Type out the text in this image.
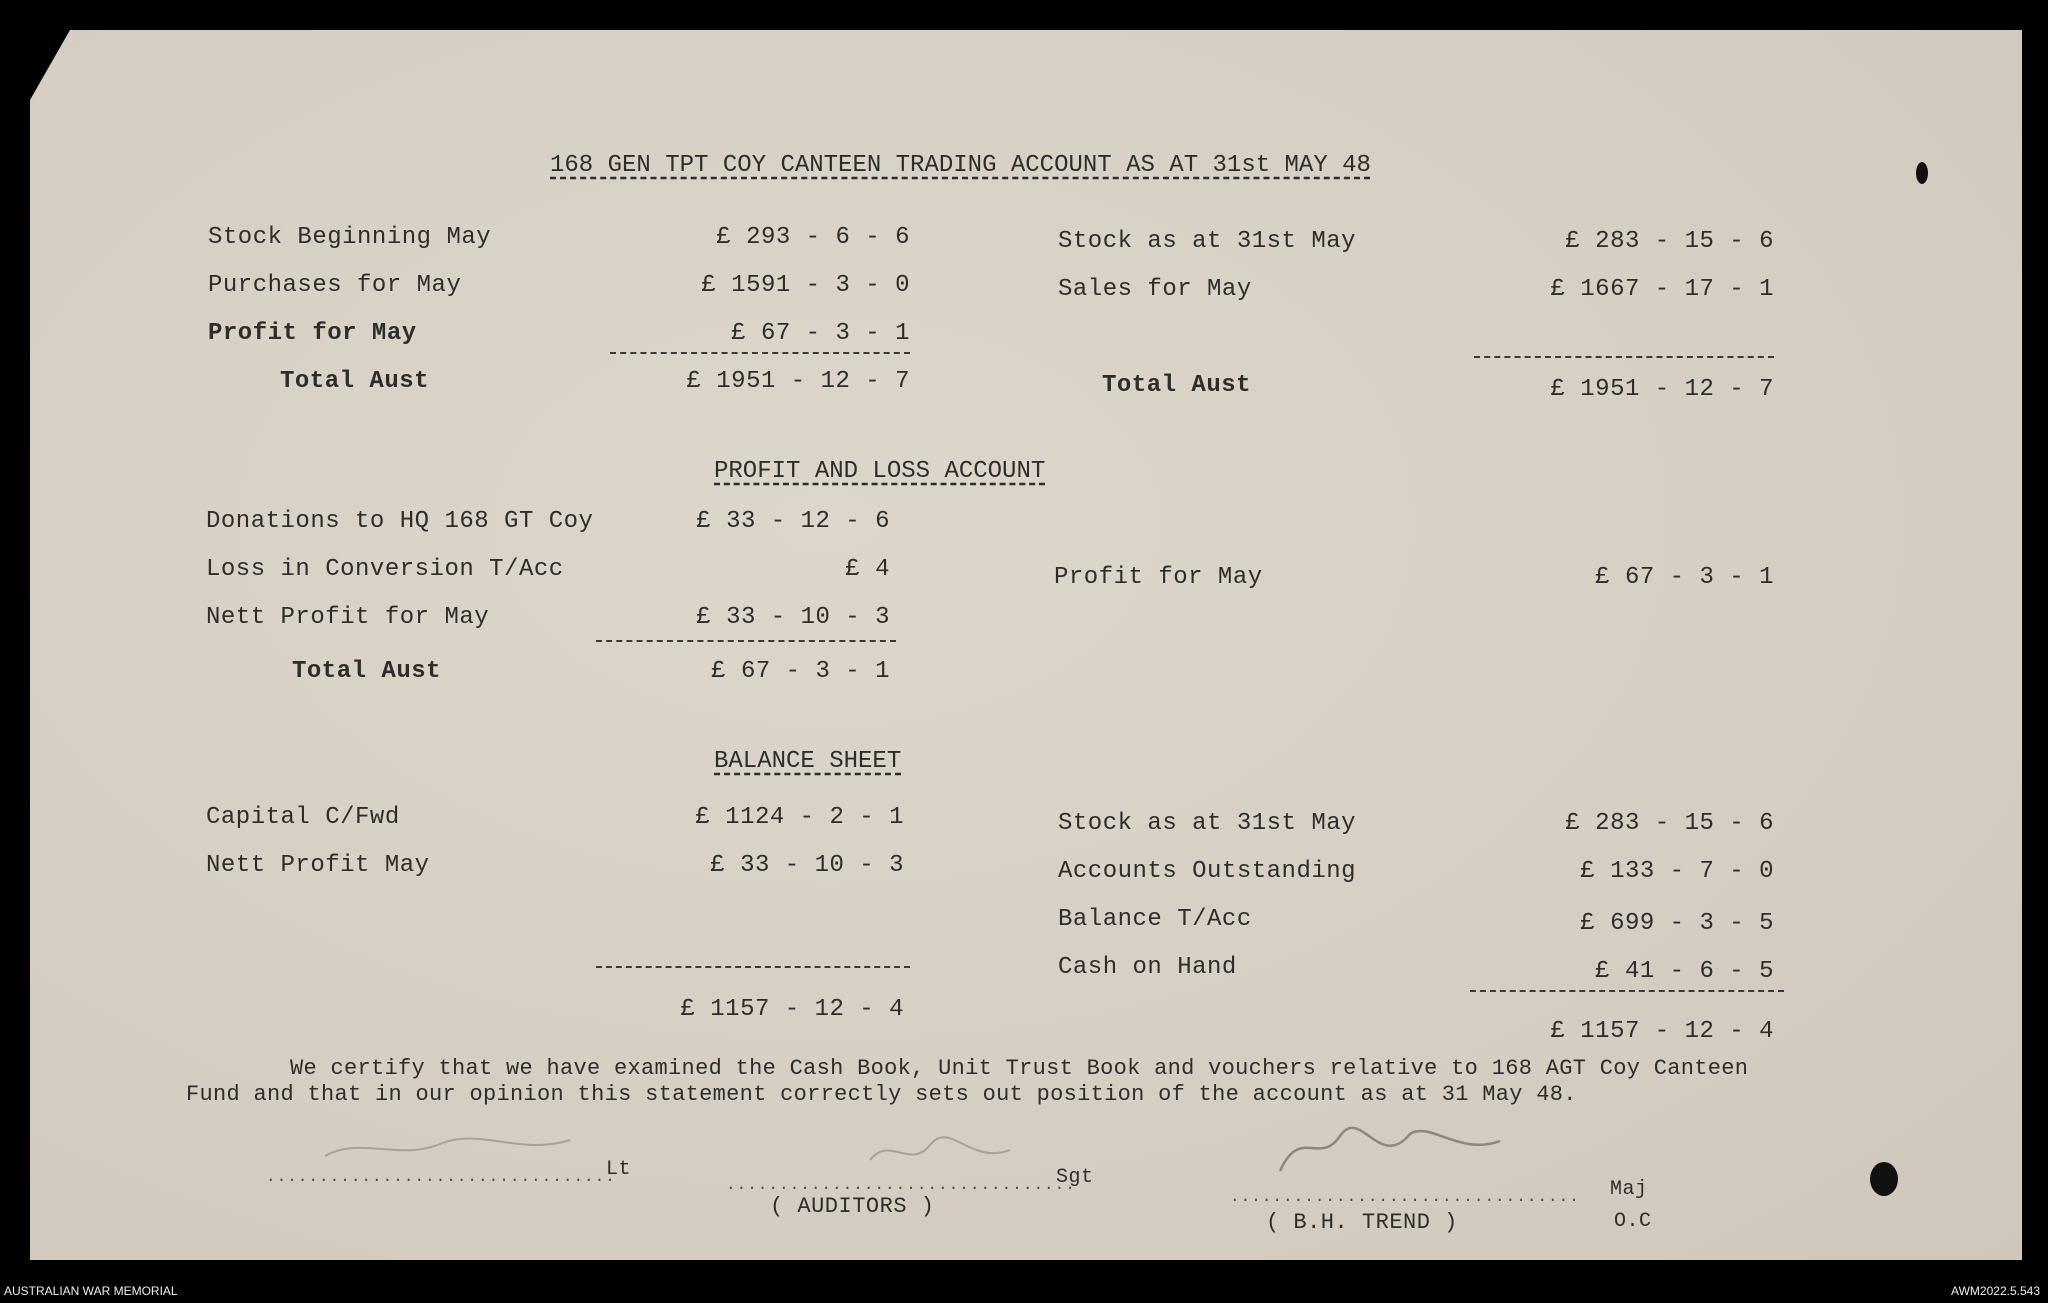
168 GEN TPT COY CANTEEN TRADING ACCOUNT AS AT 31st MAY 48
Stock Beginning May	£ 293 - 6 - 6
Purchases for May	£ 1591 - 3 - 0
Profit for May	£ 67 - 3 - 1
Total Aust	£ 1951 - 12 - 7
Stock as at 31st May	£ 283 - 15 - 6
Sales for May	£ 1667 - 17 - 1
Total Aust	£ 1951 - 12 - 7
PROFIT AND LOSS ACCOUNT
Donations to HQ 168 GT Coy	£ 33 - 12 - 6
Loss in Conversion T/Acc	£ 4
Nett Profit for May	£ 33 - 10 - 3
Total Aust	£ 67 - 3 - 1
Profit for May	£ 67 - 3 - 1
BALANCE SHEET
Capital C/Fwd	£ 1124 - 2 - 1
Nett Profit May	£ 33 - 10 - 3
£ 1157 - 12 - 4
Stock as at 31st May	£ 283 - 15 - 6
Accounts Outstanding	£ 133 - 7 - 0
Balance T/Acc	£ 699 - 3 - 5
Cash on Hand	£ 41 - 6 - 5
£ 1157 - 12 - 4
We certify that we have examined the Cash Book, Unit Trust Book and vouchers relative to 168 AGT Coy Canteen
Fund and that in our opinion this statement correctly sets out position of the account as at 31 May 48.
.................................
Lt
.................................
Sgt
( AUDITORS )	................................. Maj
( B.H. TREND )	O.C
AUSTRALIAN WAR MEMORIAL	AWM2022.5.543
